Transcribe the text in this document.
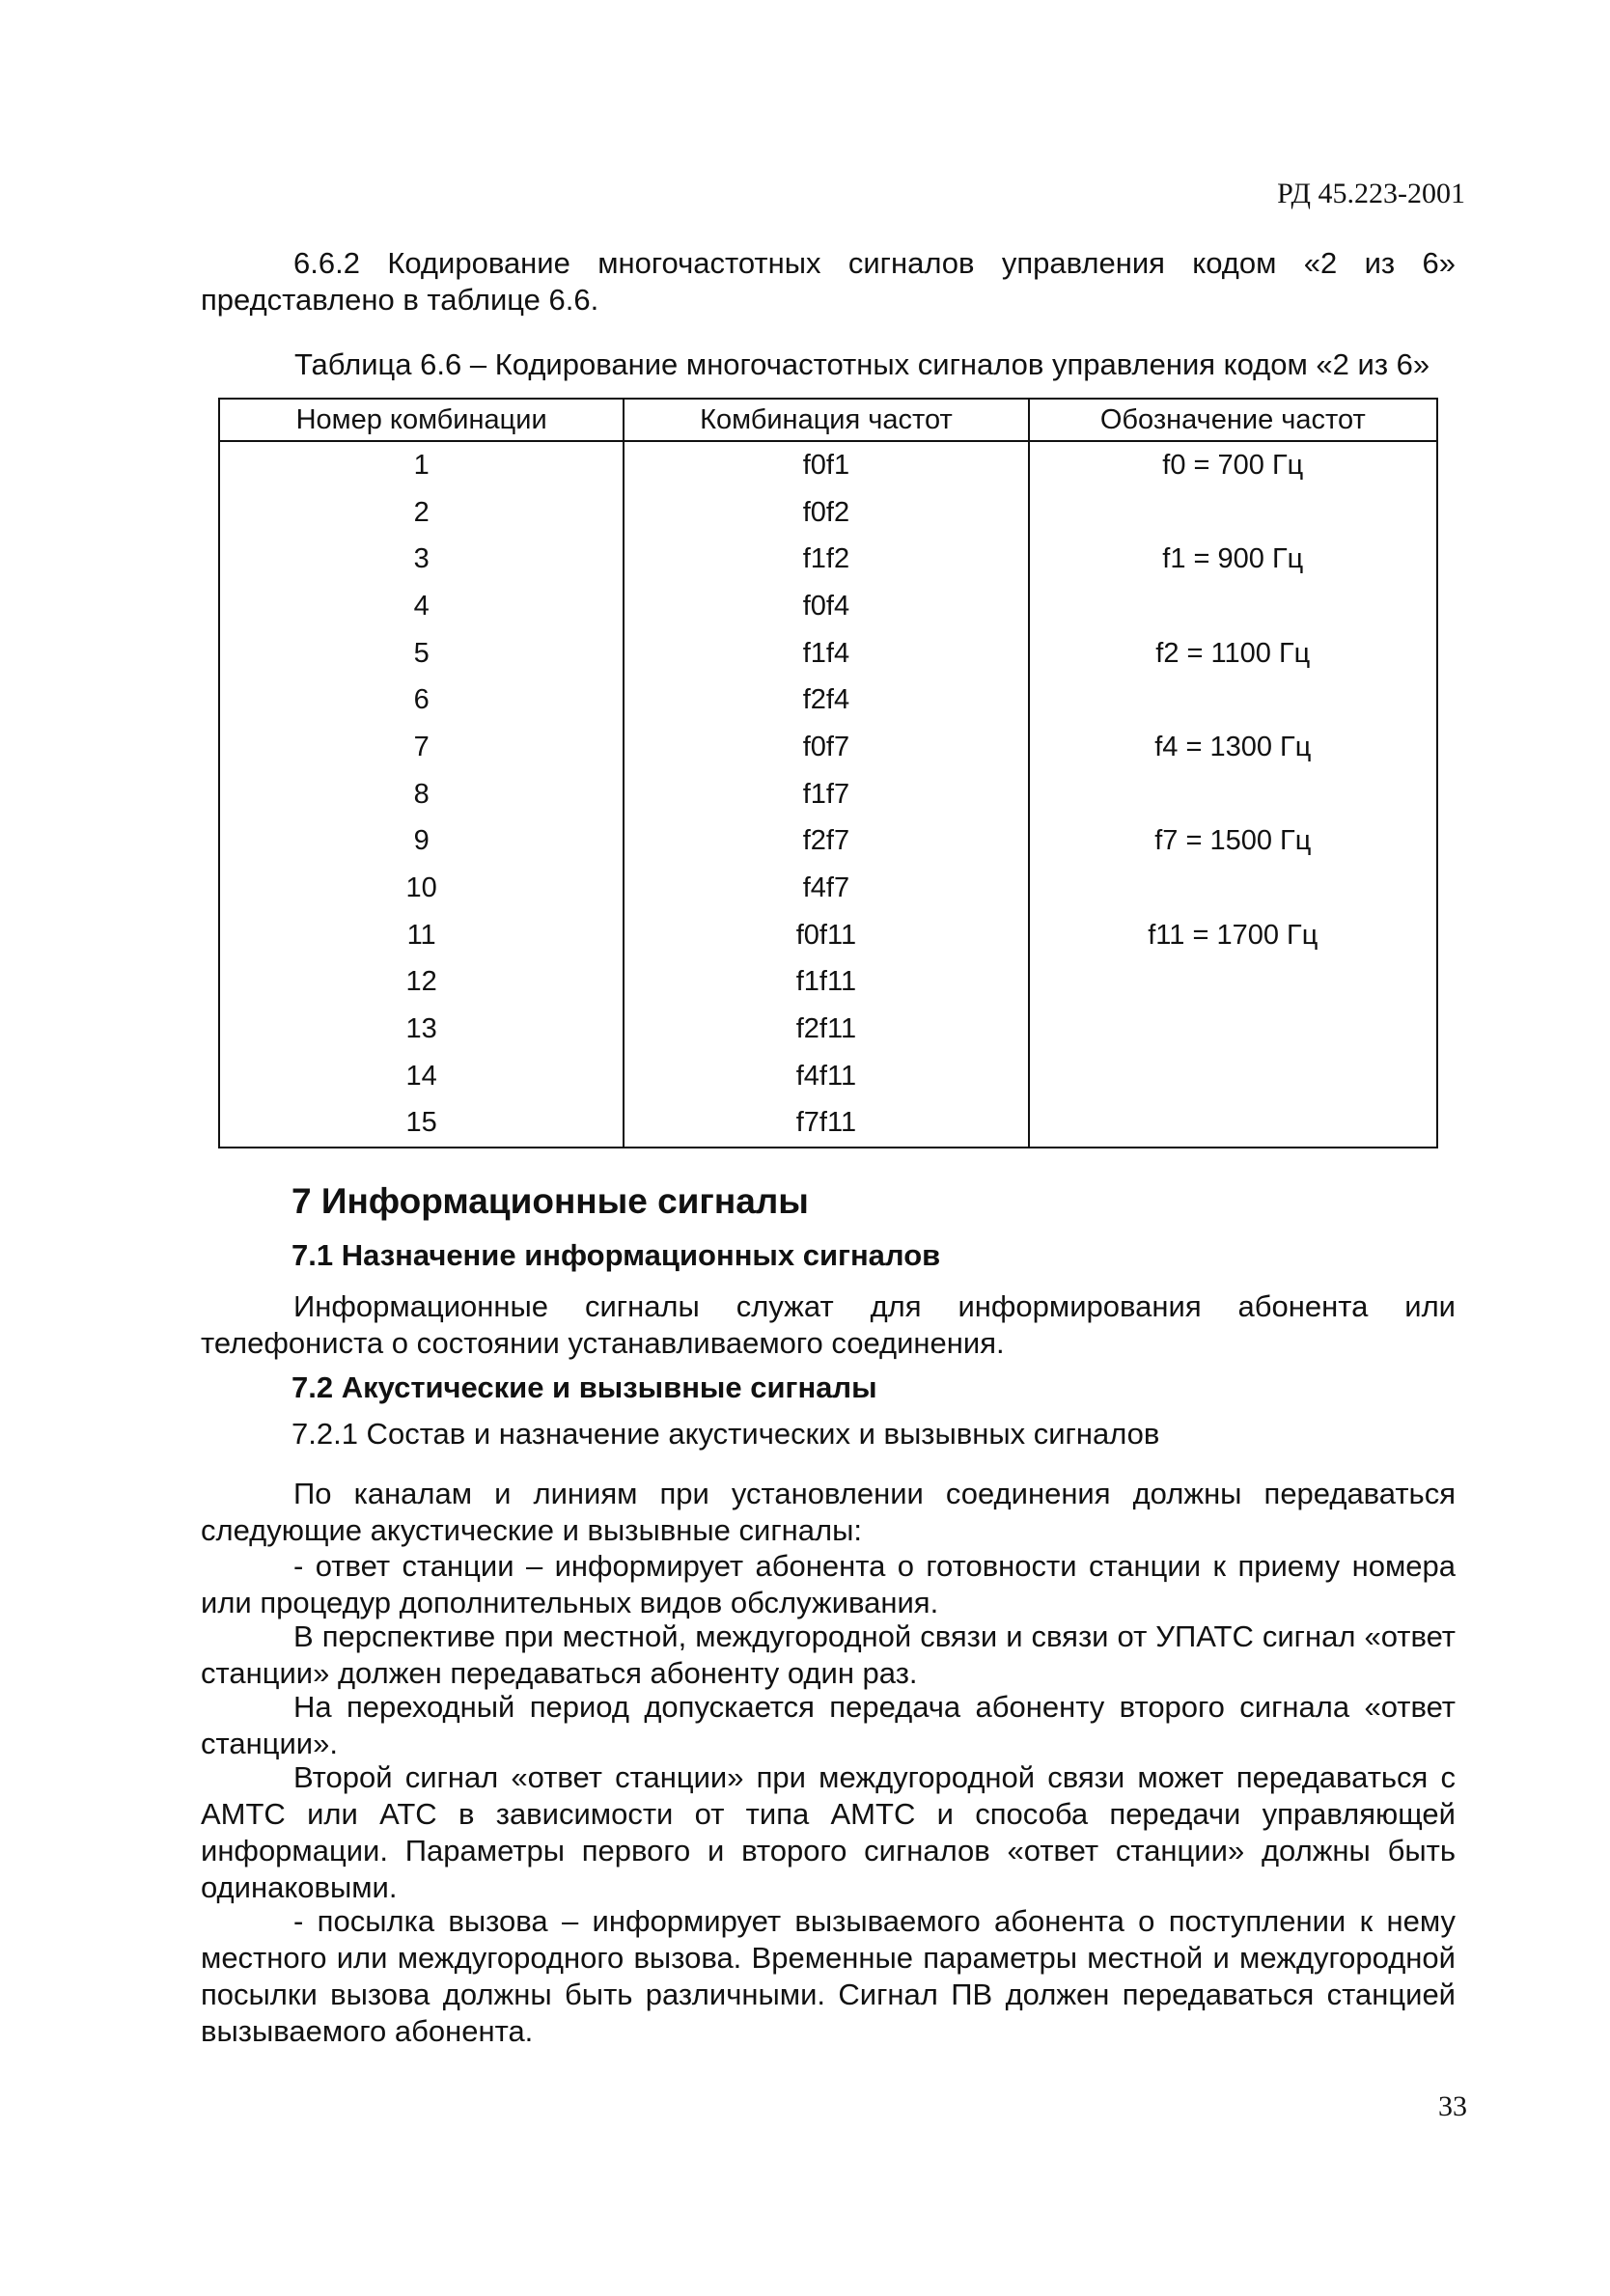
РД 45.223-2001
6.6.2 Кодирование многочастотных сигналов управления кодом «2 из 6» представлено в таблице 6.6.
Таблица 6.6 – Кодирование многочастотных сигналов управления кодом «2 из 6»
Номер комбинации	Комбинация частот	Обозначение частот
1	f0f1	f0 = 700 Гц
2	f0f2	
3	f1f2	f1 = 900 Гц
4	f0f4	
5	f1f4	f2 = 1100 Гц
6	f2f4	
7	f0f7	f4 = 1300 Гц
8	f1f7	
9	f2f7	f7 = 1500 Гц
10	f4f7	
11	f0f11	f11 = 1700 Гц
12	f1f11	
13	f2f11	
14	f4f11	
15	f7f11	
7 Информационные сигналы
7.1 Назначение информационных сигналов
Информационные сигналы служат для информирования абонента или телефониста о состоянии устанавливаемого соединения.
7.2 Акустические и вызывные сигналы
7.2.1 Состав и назначение акустических и вызывных сигналов
По каналам и линиям при установлении соединения должны передаваться следующие акустические и вызывные сигналы:
- ответ станции – информирует абонента о готовности станции к приему номера или процедур дополнительных видов обслуживания.
В перспективе при местной, междугородной связи и связи от УПАТС сигнал «ответ станции» должен передаваться абоненту один раз.
На переходный период допускается передача абоненту второго сигнала «ответ станции».
Второй сигнал «ответ станции» при междугородной связи может передаваться с АМТС или АТС в зависимости от типа АМТС и способа передачи управляющей информации. Параметры первого и второго сигналов «ответ станции» должны быть одинаковыми.
- посылка вызова – информирует вызываемого абонента о поступлении к нему местного или междугородного вызова. Временные параметры местной и междугородной посылки вызова должны быть различными. Сигнал ПВ должен передаваться станцией вызываемого абонента.
33
